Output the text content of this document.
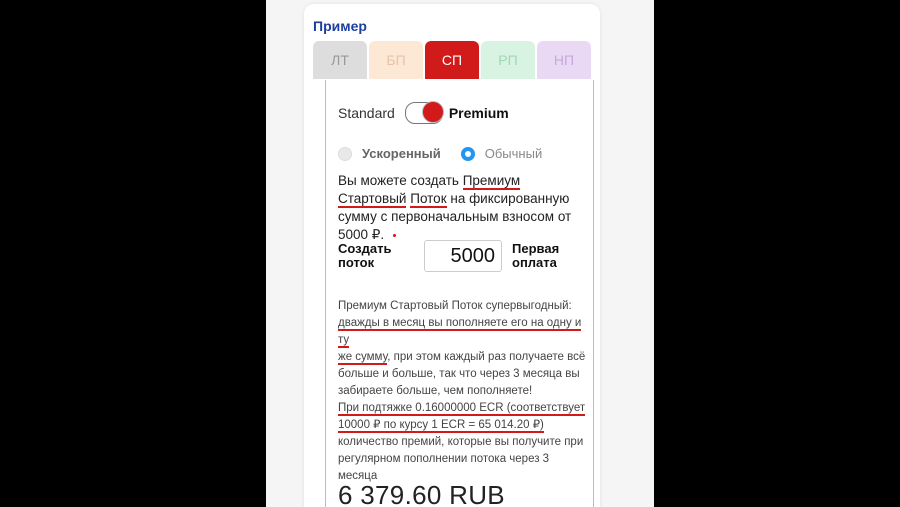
Пример
ЛТ	БП	СП	РП	НП
Standard	Premium
Ускоренный	Обычный
Вы можете создать Премиум Стартовый Поток на фиксированную сумму с первоначальным взносом от 5000 ₽.
Создать
поток	5000	Первая
оплата
Премиум Стартовый Поток супервыгодный:
дважды в месяц вы пополняете его на одну и ту
же сумму, при этом каждый раз получаете всё больше и больше, так что через 3 месяца вы забираете больше, чем пополняете!
При подтяжке 0.16000000 ECR (соответствует
10000 ₽ по курсу 1 ECR = 65 014.20 ₽)
количество премий, которые вы получите при регулярном пополнении потока через 3 месяца
6 379.60 RUB
